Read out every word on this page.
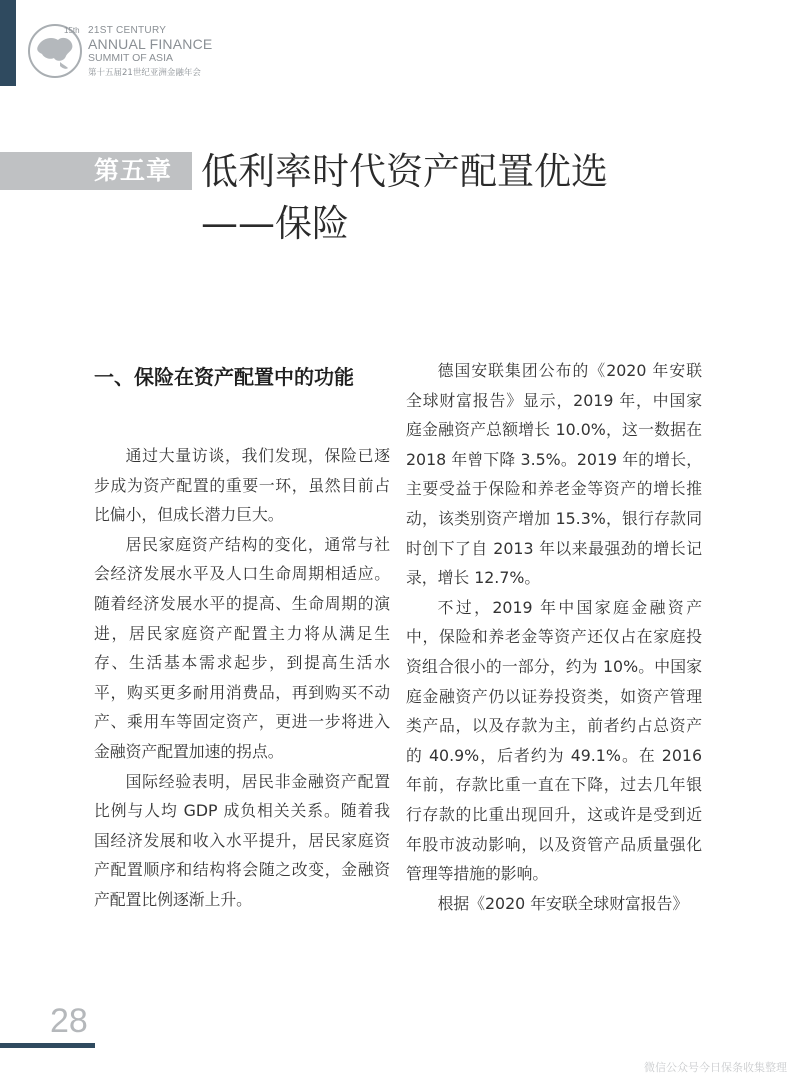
15th 21ST CENTURY
ANNUAL FINANCE
SUMMIT OF ASIA
第十五届21世纪亚洲金融年会
第五章 低利率时代资产配置优选
——保险
一、保险在资产配置中的功能

通过大量访谈，我们发现，保险已逐步成为资产配置的重要一环，虽然目前占比偏小，但成长潜力巨大。

居民家庭资产结构的变化，通常与社会经济发展水平及人口生命周期相适应。随着经济发展水平的提高、生命周期的演进，居民家庭资产配置主力将从满足生存、生活基本需求起步，到提高生活水平，购买更多耐用消费品，再到购买不动产、乘用车等固定资产，更进一步将进入金融资产配置加速的拐点。

国际经验表明，居民非金融资产配置比例与人均 GDP 成负相关关系。随着我国经济发展和收入水平提升，居民家庭资产配置顺序和结构将会随之改变，金融资产配置比例逐渐上升。

德国安联集团公布的《2020 年安联全球财富报告》显示，2019 年，中国家庭金融资产总额增长 10.0%，这一数据在 2018 年曾下降 3.5%。2019 年的增长，主要受益于保险和养老金等资产的增长推动，该类别资产增加 15.3%，银行存款同时创下了自 2013 年以来最强劲的增长记录，增长 12.7%。

不过，2019 年中国家庭金融资产中，保险和养老金等资产还仅占在家庭投资组合很小的一部分，约为 10%。中国家庭金融资产仍以证券投资类，如资产管理类产品，以及存款为主，前者约占总资产的 40.9%，后者约为 49.1%。在 2016 年前，存款比重一直在下降，过去几年银行存款的比重出现回升，这或许是受到近年股市波动影响，以及资管产品质量强化管理等措施的影响。

根据《2020 年安联全球财富报告》

28
微信公众号今日保条收集整理
